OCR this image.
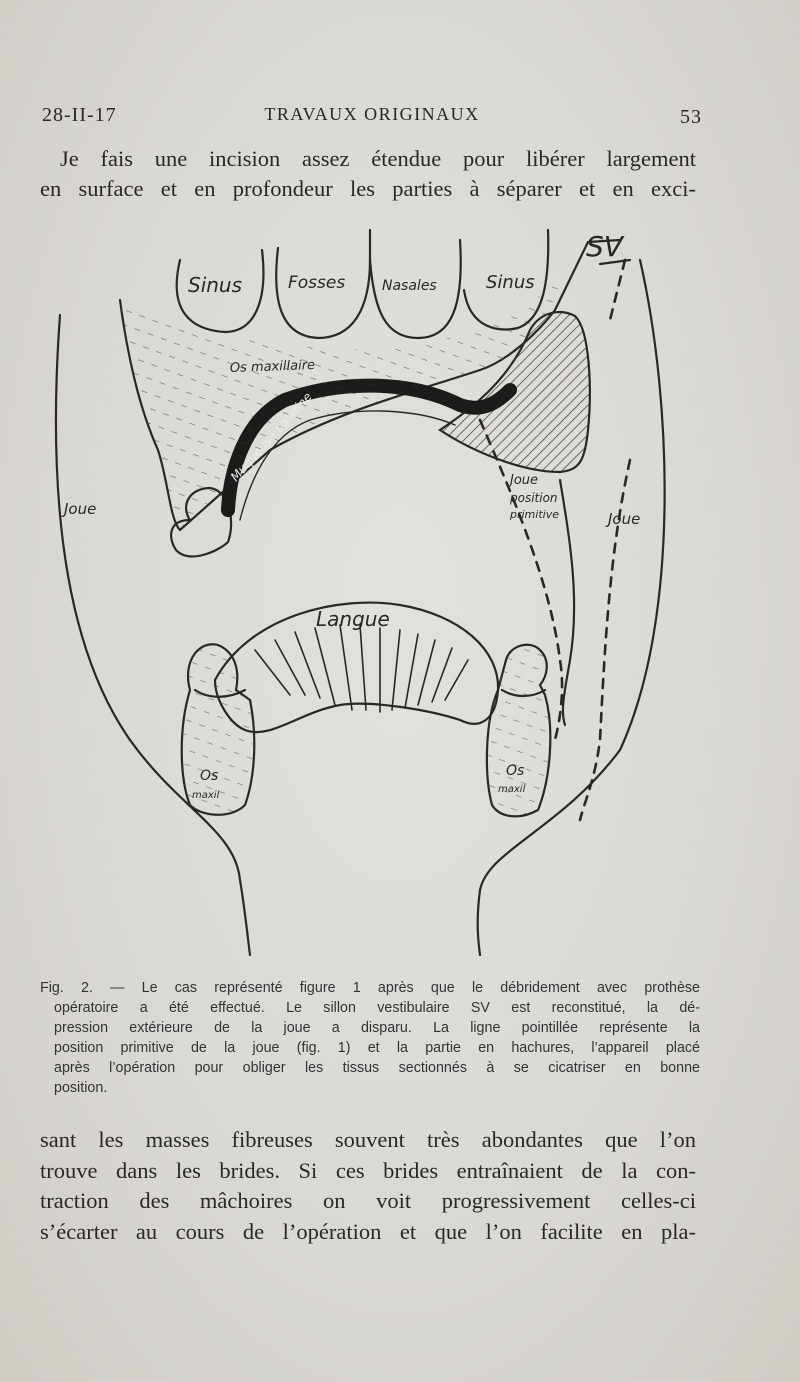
28-II-17	TRAVAUX ORIGINAUX	53
Je fais une incision assez étendue pour libérer largement
en surface et en profondeur les parties à séparer et en exci-
Sinus	Fosses	Nasales	Sinus
SV
Os maxillaire
Muqueuse palatine
Joue
Joue
Joue
position
primitive
Langue
Os
maxil
Os
maxil
Fig. 2. — Le cas représenté figure 1 après que le débridement avec prothèse
opératoire a été effectué. Le sillon vestibulaire SV est reconstitué, la dé-
pression extérieure de la joue a disparu. La ligne pointillée représente la
position primitive de la joue (fig. 1) et la partie en hachures, l’appareil placé
après l’opération pour obliger les tissus sectionnés à se cicatriser en bonne
position.
sant les masses fibreuses souvent très abondantes que l’on
trouve dans les brides. Si ces brides entraînaient de la con-
traction des mâchoires on voit progressivement celles-ci
s’écarter au cours de l’opération et que l’on facilite en pla-
